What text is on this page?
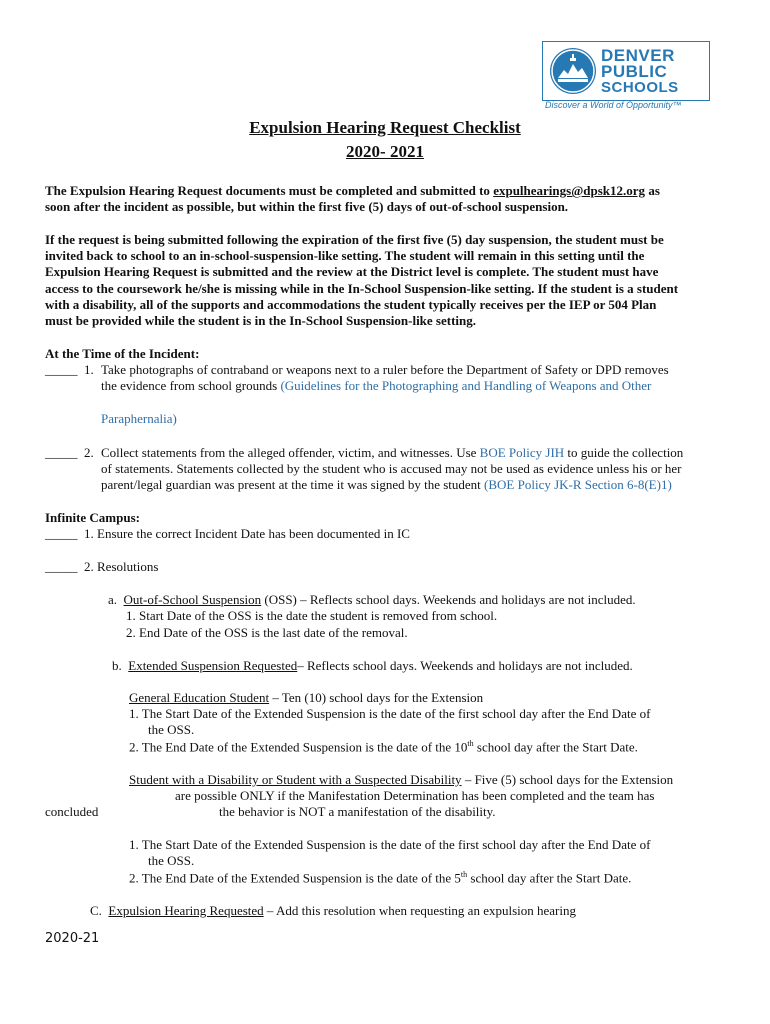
DENVER
PUBLIC
SCHOOLS
Discover a World of Opportunity™
Expulsion Hearing Request Checklist
2020- 2021
The Expulsion Hearing Request documents must be completed and submitted to expulhearings@dpsk12.org as
soon after the incident as possible, but within the first five (5) days of out-of-school suspension.
If the request is being submitted following the expiration of the first five (5) day suspension, the student must be
invited back to school to an in-school-suspension-like setting. The student will remain in this setting until the
Expulsion Hearing Request is submitted and the review at the District level is complete. The student must have
access to the coursework he/she is missing while in the In-School Suspension-like setting. If the student is a student
with a disability, all of the supports and accommodations the student typically receives per the IEP or 504 Plan
must be provided while the student is in the In-School Suspension-like setting.
At the Time of the Incident:
_____ 1. Take photographs of contraband or weapons next to a ruler before the Department of Safety or DPD removes
the evidence from school grounds (Guidelines for the Photographing and Handling of Weapons and Other
Paraphernalia)
_____ 2. Collect statements from the alleged offender, victim, and witnesses. Use BOE Policy JIH to guide the collection
of statements. Statements collected by the student who is accused may not be used as evidence unless his or her
parent/legal guardian was present at the time it was signed by the student (BOE Policy JK-R Section 6-8(E)1)
Infinite Campus:
_____ 1. Ensure the correct Incident Date has been documented in IC
_____ 2. Resolutions
a. Out-of-School Suspension (OSS) – Reflects school days. Weekends and holidays are not included.
1. Start Date of the OSS is the date the student is removed from school.
2. End Date of the OSS is the last date of the removal.
b. Extended Suspension Requested– Reflects school days. Weekends and holidays are not included.
General Education Student – Ten (10) school days for the Extension
1. The Start Date of the Extended Suspension is the date of the first school day after the End Date of
the OSS.
2. The End Date of the Extended Suspension is the date of the 10th school day after the Start Date.
Student with a Disability or Student with a Suspected Disability – Five (5) school days for the Extension
are possible ONLY if the Manifestation Determination has been completed and the team has
concluded	the behavior is NOT a manifestation of the disability.
1. The Start Date of the Extended Suspension is the date of the first school day after the End Date of
the OSS.
2. The End Date of the Extended Suspension is the date of the 5th school day after the Start Date.
C. Expulsion Hearing Requested – Add this resolution when requesting an expulsion hearing
2020-21
